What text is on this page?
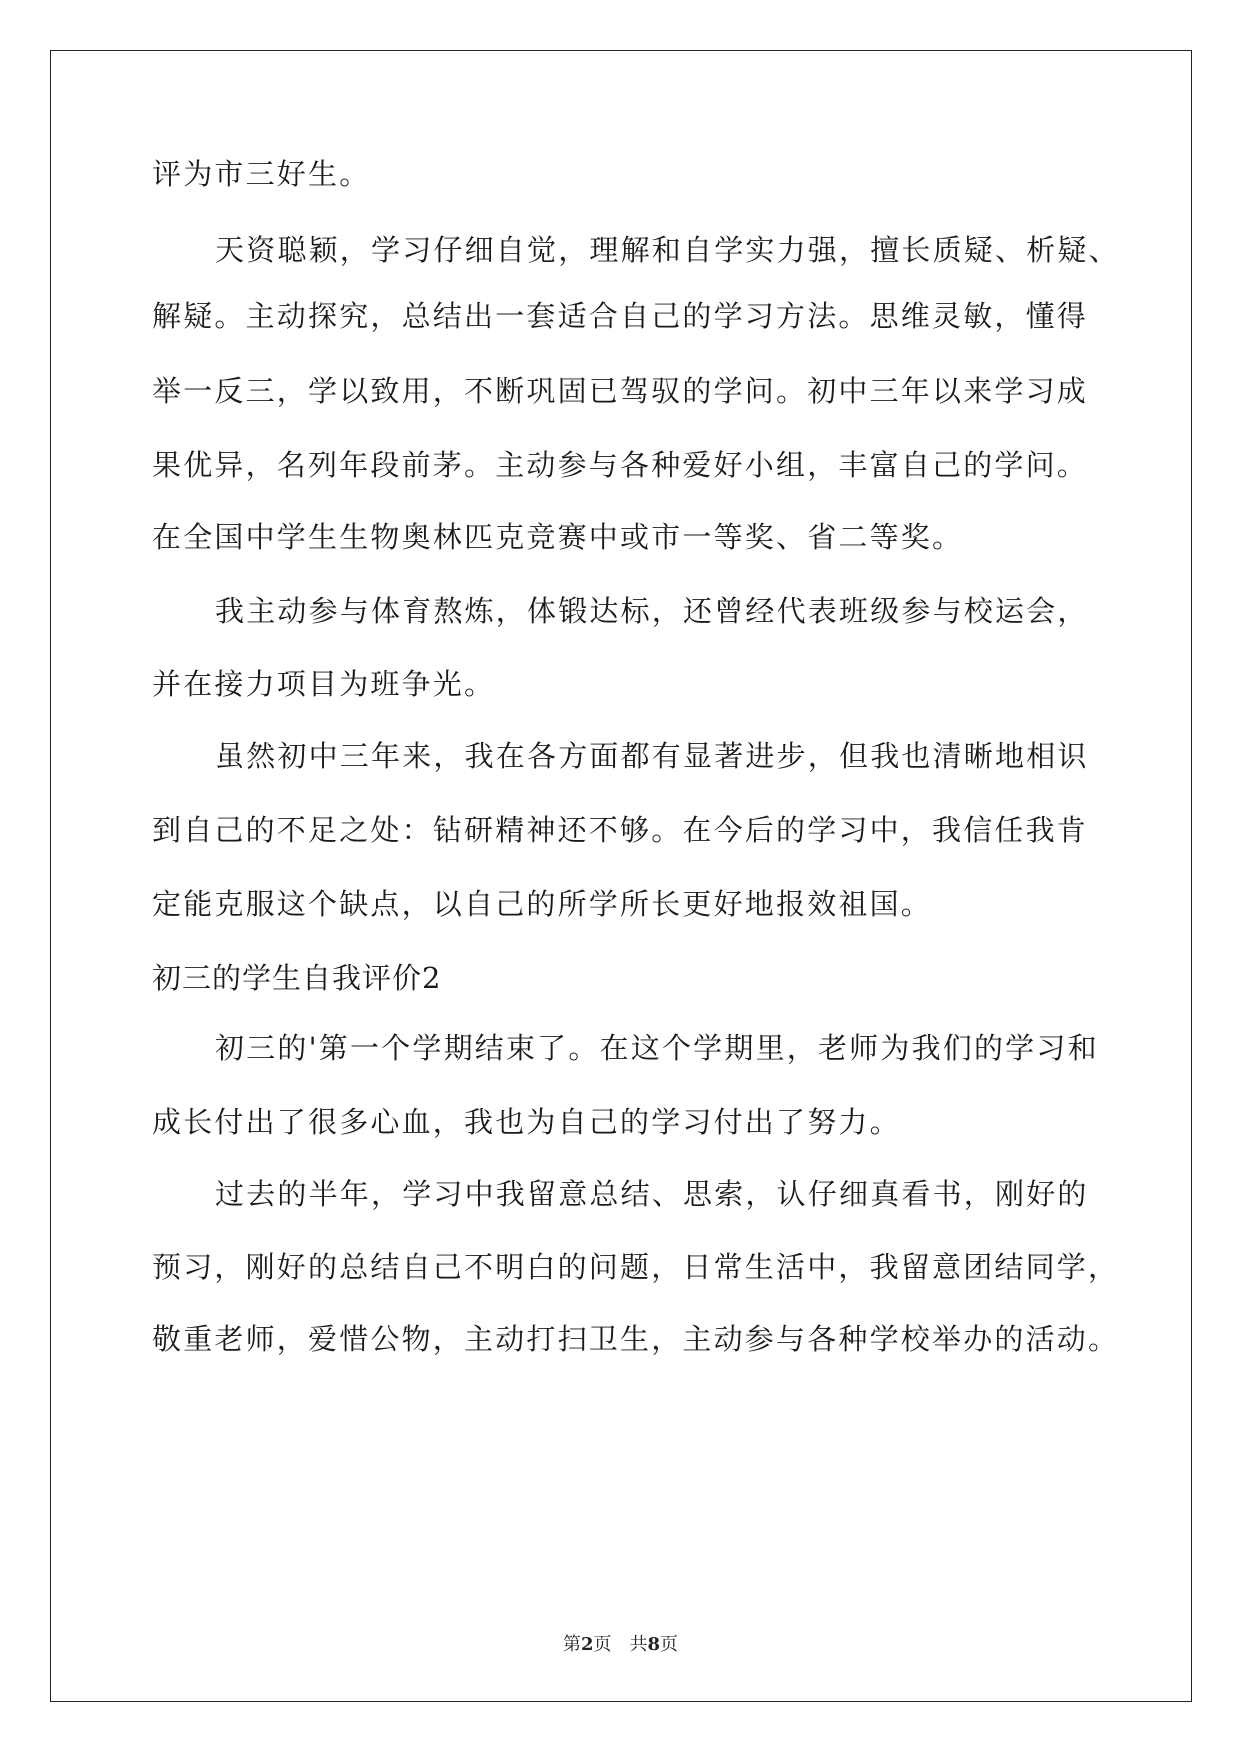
评为市三好生。
天资聪颖，学习仔细自觉，理解和自学实力强，擅长质疑、析疑、
解疑。主动探究，总结出一套适合自己的学习方法。思维灵敏，懂得
举一反三，学以致用，不断巩固已驾驭的学问。初中三年以来学习成
果优异，名列年段前茅。主动参与各种爱好小组，丰富自己的学问。
在全国中学生生物奥林匹克竞赛中或市一等奖、省二等奖。
我主动参与体育熬炼，体锻达标，还曾经代表班级参与校运会，
并在接力项目为班争光。
虽然初中三年来，我在各方面都有显著进步，但我也清晰地相识
到自己的不足之处：钻研精神还不够。在今后的学习中，我信任我肯
定能克服这个缺点，以自己的所学所长更好地报效祖国。
初三的学生自我评价2
初三的'第一个学期结束了。在这个学期里，老师为我们的学习和
成长付出了很多心血，我也为自己的学习付出了努力。
过去的半年，学习中我留意总结、思索，认仔细真看书，刚好的
预习，刚好的总结自己不明白的问题，日常生活中，我留意团结同学，
敬重老师，爱惜公物，主动打扫卫生，主动参与各种学校举办的活动。
第2页 共8页
